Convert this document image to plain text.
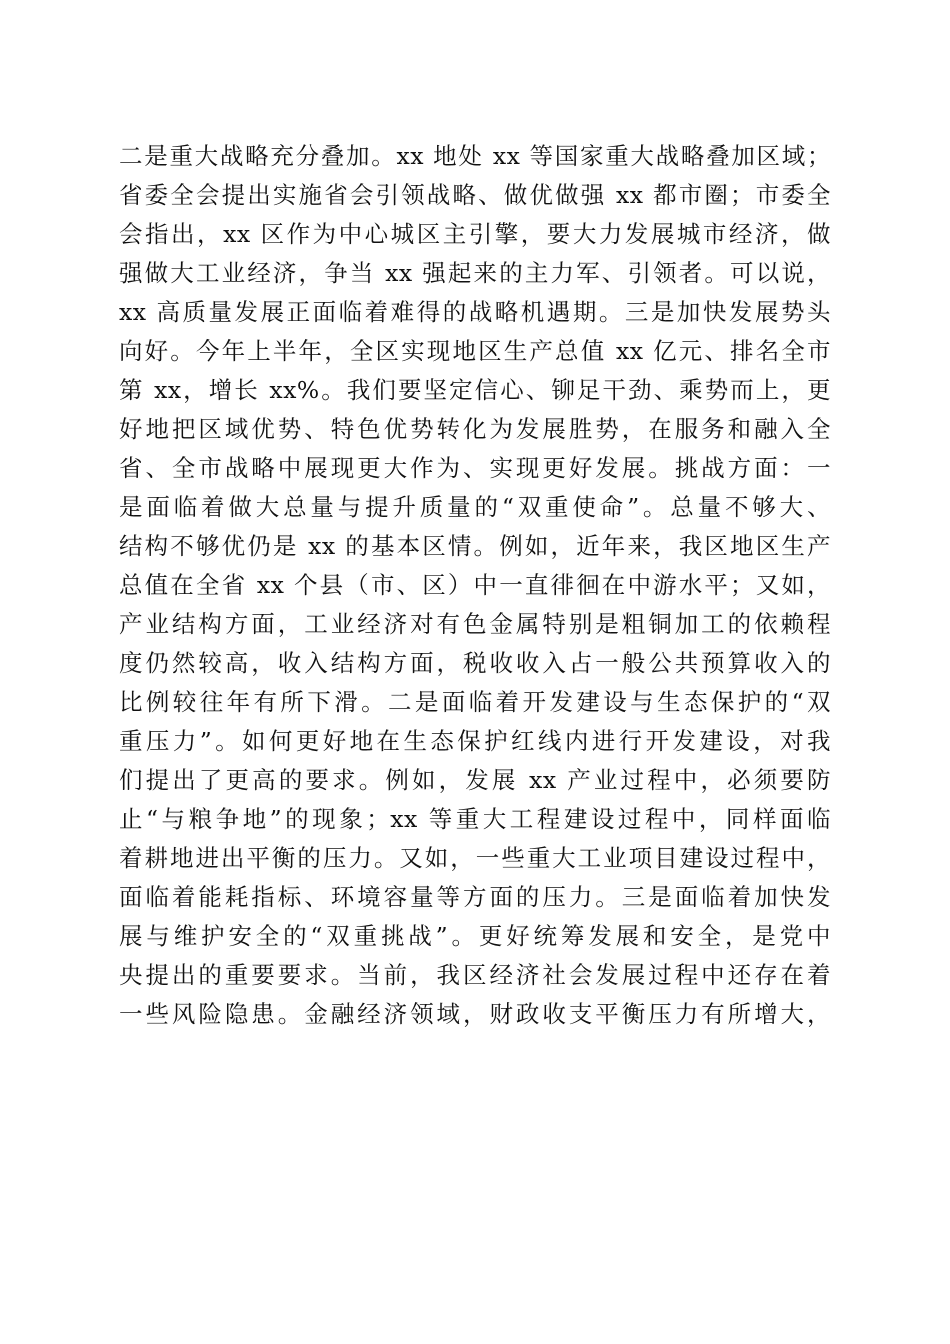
二是重大战略充分叠加。xx 地处 xx 等国家重大战略叠加区域；
省委全会提出实施省会引领战略、做优做强 xx 都市圈；市委全
会指出，xx 区作为中心城区主引擎，要大力发展城市经济，做
强做大工业经济，争当 xx 强起来的主力军、引领者。可以说，
xx 高质量发展正面临着难得的战略机遇期。三是加快发展势头
向好。今年上半年，全区实现地区生产总值 xx 亿元、排名全市
第 xx，增长 xx%。我们要坚定信心、铆足干劲、乘势而上，更
好地把区域优势、特色优势转化为发展胜势，在服务和融入全
省、全市战略中展现更大作为、实现更好发展。挑战方面：一
是面临着做大总量与提升质量的“双重使命”。总量不够大、
结构不够优仍是 xx 的基本区情。例如，近年来，我区地区生产
总值在全省 xx 个县（市、区）中一直徘徊在中游水平；又如，
产业结构方面，工业经济对有色金属特别是粗铜加工的依赖程
度仍然较高，收入结构方面，税收收入占一般公共预算收入的
比例较往年有所下滑。二是面临着开发建设与生态保护的“双
重压力”。如何更好地在生态保护红线内进行开发建设，对我
们提出了更高的要求。例如，发展 xx 产业过程中，必须要防
止“与粮争地”的现象；xx 等重大工程建设过程中，同样面临
着耕地进出平衡的压力。又如，一些重大工业项目建设过程中，
面临着能耗指标、环境容量等方面的压力。三是面临着加快发
展与维护安全的“双重挑战”。更好统筹发展和安全，是党中
央提出的重要要求。当前，我区经济社会发展过程中还存在着
一些风险隐患。金融经济领域，财政收支平衡压力有所增大，
